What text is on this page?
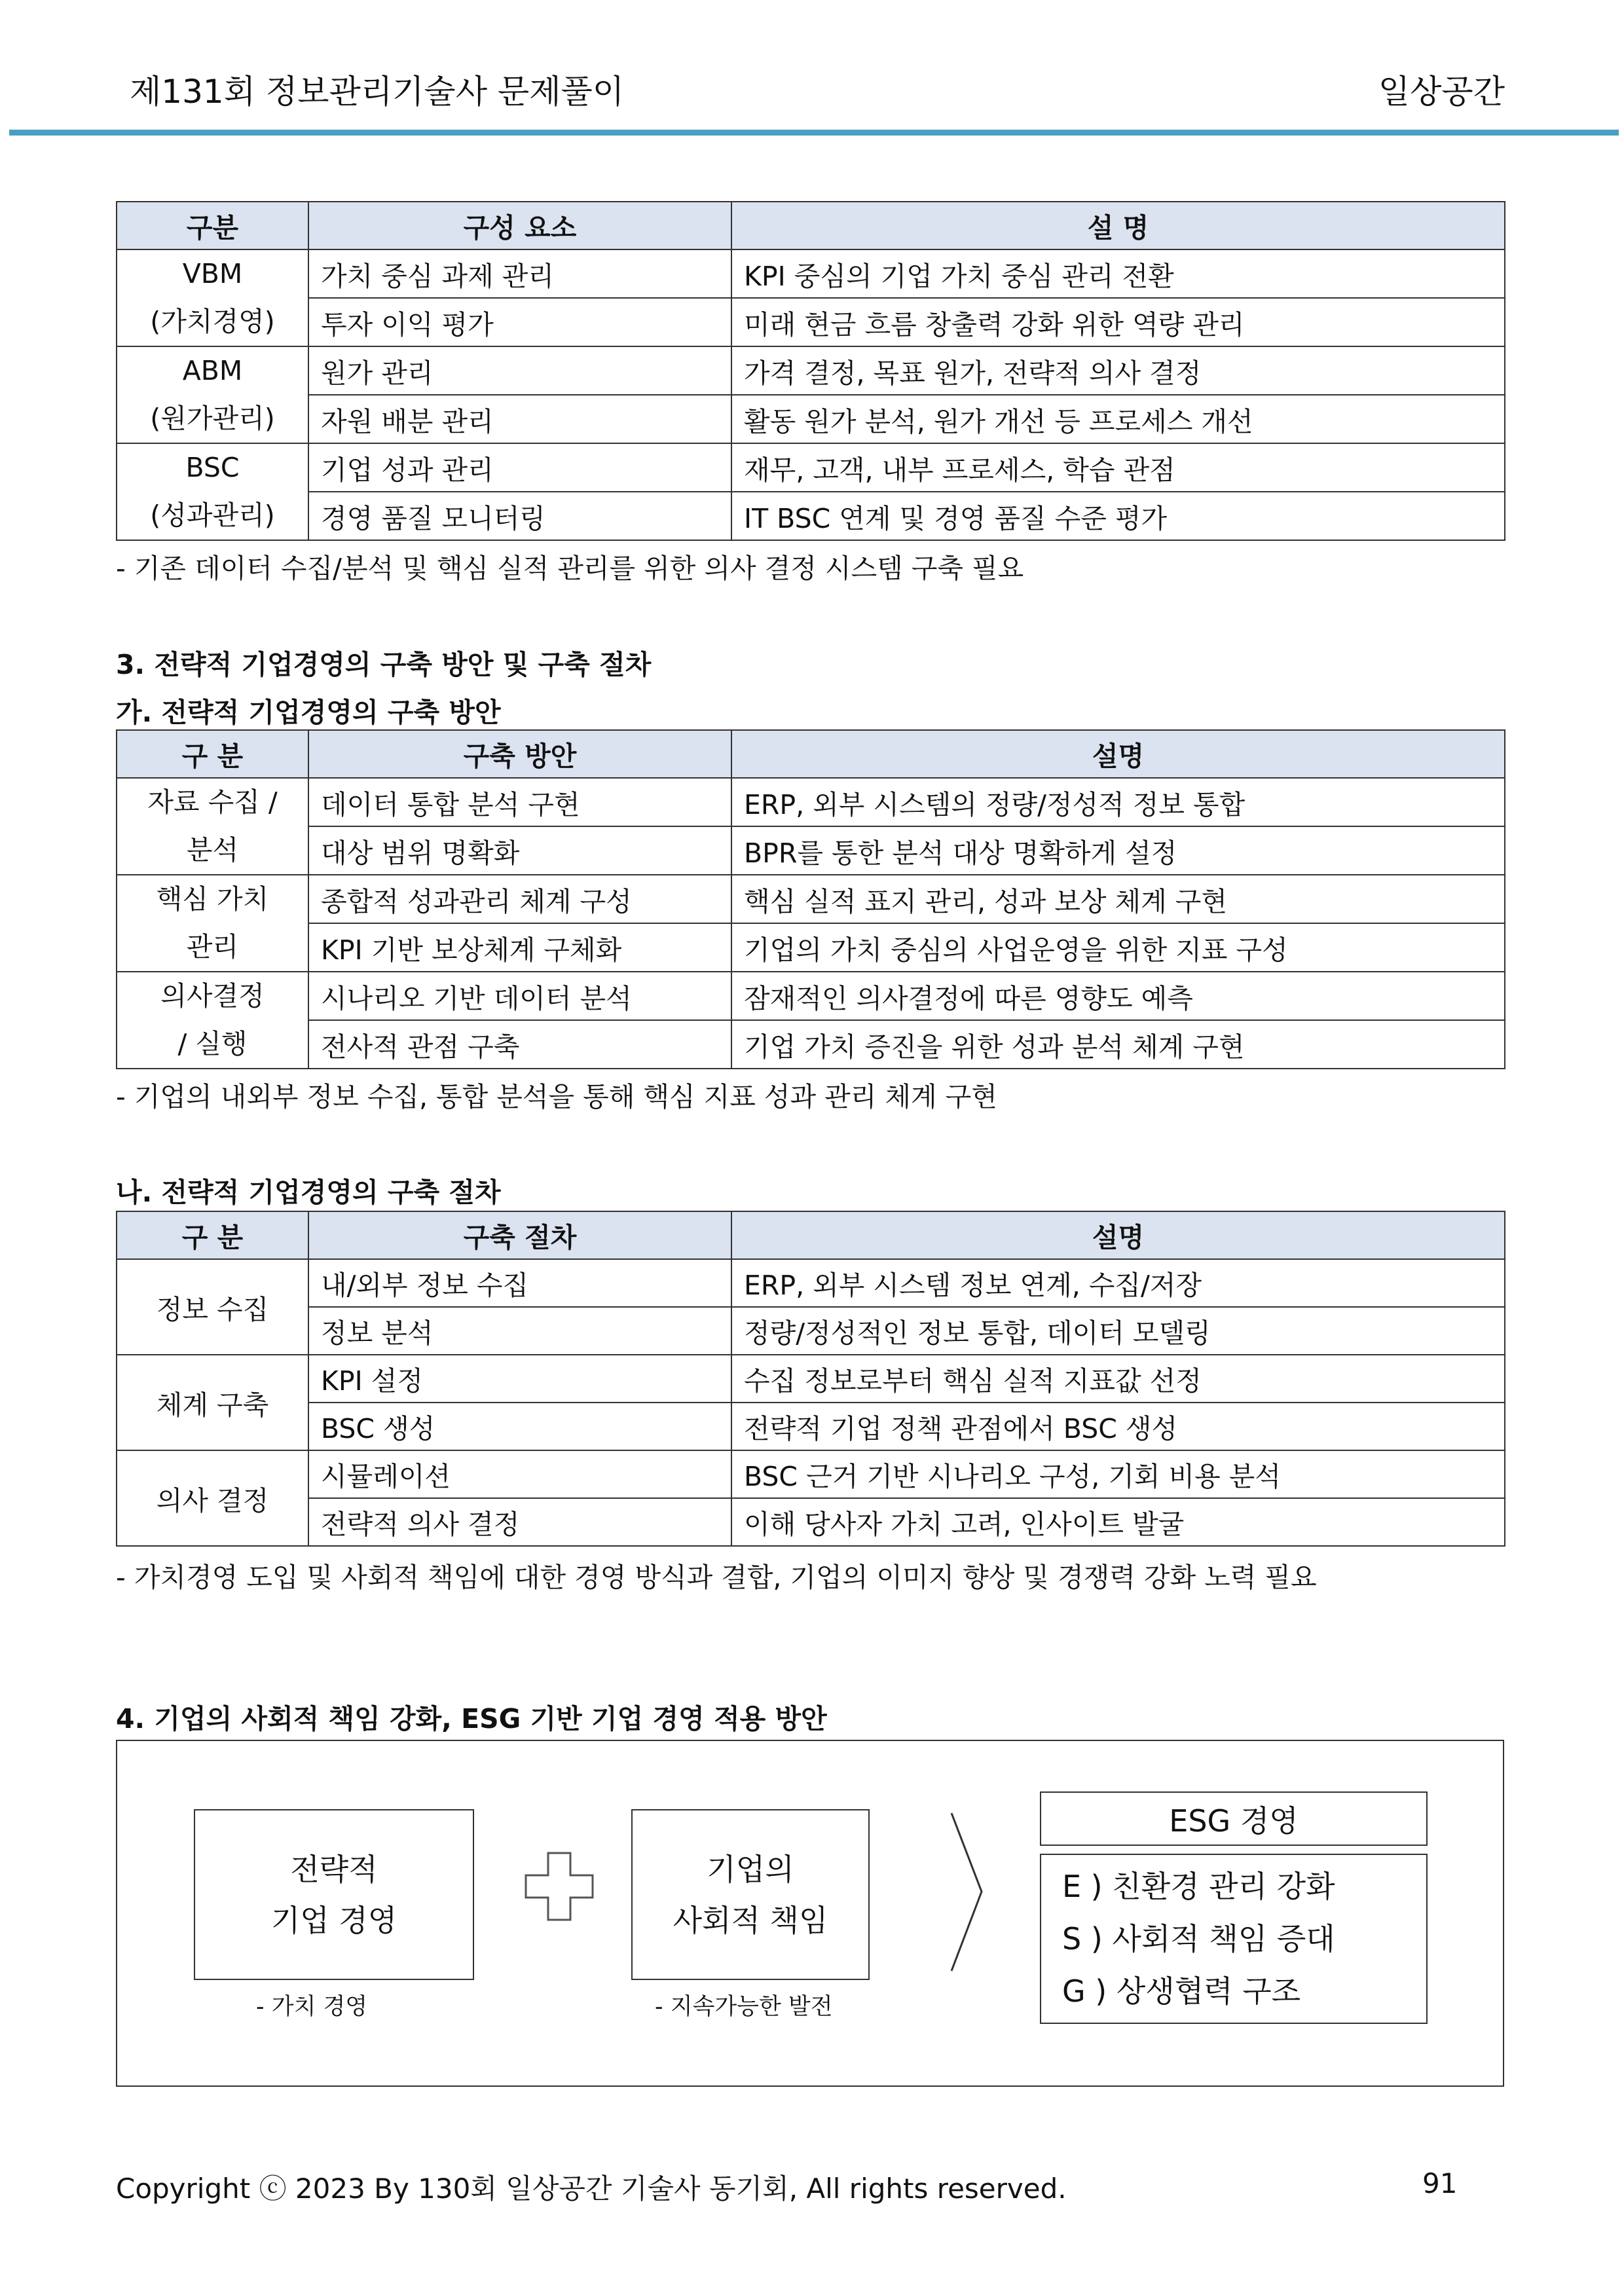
제131회 정보관리기술사 문제풀이	일상공간
구분	구성 요소	설 명

VBM
(가치경영)	가치 중심 과제 관리	KPI 중심의 기업 가치 중심 관리 전환
	투자 이익 평가	미래 현금 흐름 창출력 강화 위한 역량 관리

ABM
(원가관리)	원가 관리	가격 결정, 목표 원가, 전략적 의사 결정
	자원 배분 관리	활동 원가 분석, 원가 개선 등 프로세스 개선

BSC
(성과관리)	기업 성과 관리	재무, 고객, 내부 프로세스, 학습 관점
	경영 품질 모니터링	IT BSC 연계 및 경영 품질 수준 평가
- 기존 데이터 수집/분석 및 핵심 실적 관리를 위한 의사 결정 시스템 구축 필요
3. 전략적 기업경영의 구축 방안 및 구축 절차
가. 전략적 기업경영의 구축 방안
구 분	구축 방안	설명

자료 수집 /
분석	데이터 통합 분석 구현	ERP, 외부 시스템의 정량/정성적 정보 통합
	대상 범위 명확화	BPR를 통한 분석 대상 명확하게 설정

핵심 가치
관리	종합적 성과관리 체계 구성	핵심 실적 표지 관리, 성과 보상 체계 구현
	KPI 기반 보상체계 구체화	기업의 가치 중심의 사업운영을 위한 지표 구성

의사결정
/ 실행	시나리오 기반 데이터 분석	잠재적인 의사결정에 따른 영향도 예측
	전사적 관점 구축	기업 가치 증진을 위한 성과 분석 체계 구현
- 기업의 내외부 정보 수집, 통합 분석을 통해 핵심 지표 성과 관리 체계 구현
나. 전략적 기업경영의 구축 절차
구 분	구축 절차	설명
정보 수집	내/외부 정보 수집	ERP, 외부 시스템 정보 연계, 수집/저장
	정보 분석	정량/정성적인 정보 통합, 데이터 모델링
체계 구축	KPI 설정	수집 정보로부터 핵심 실적 지표값 선정
	BSC 생성	전략적 기업 정책 관점에서 BSC 생성
의사 결정	시뮬레이션	BSC 근거 기반 시나리오 구성, 기회 비용 분석
	전략적 의사 결정	이해 당사자 가치 고려, 인사이트 발굴
- 가치경영 도입 및 사회적 책임에 대한 경영 방식과 결합, 기업의 이미지 향상 및 경쟁력 강화 노력 필요
4. 기업의 사회적 책임 강화, ESG 기반 기업 경영 적용 방안
전략적
기업 경영
- 가치 경영
기업의
사회적 책임
- 지속가능한 발전
ESG 경영
E ) 친환경 관리 강화
S ) 사회적 책임 증대
G ) 상생협력 구조
Copyright ⓒ 2023 By 130회 일상공간 기술사 동기회, All rights reserved.	91
